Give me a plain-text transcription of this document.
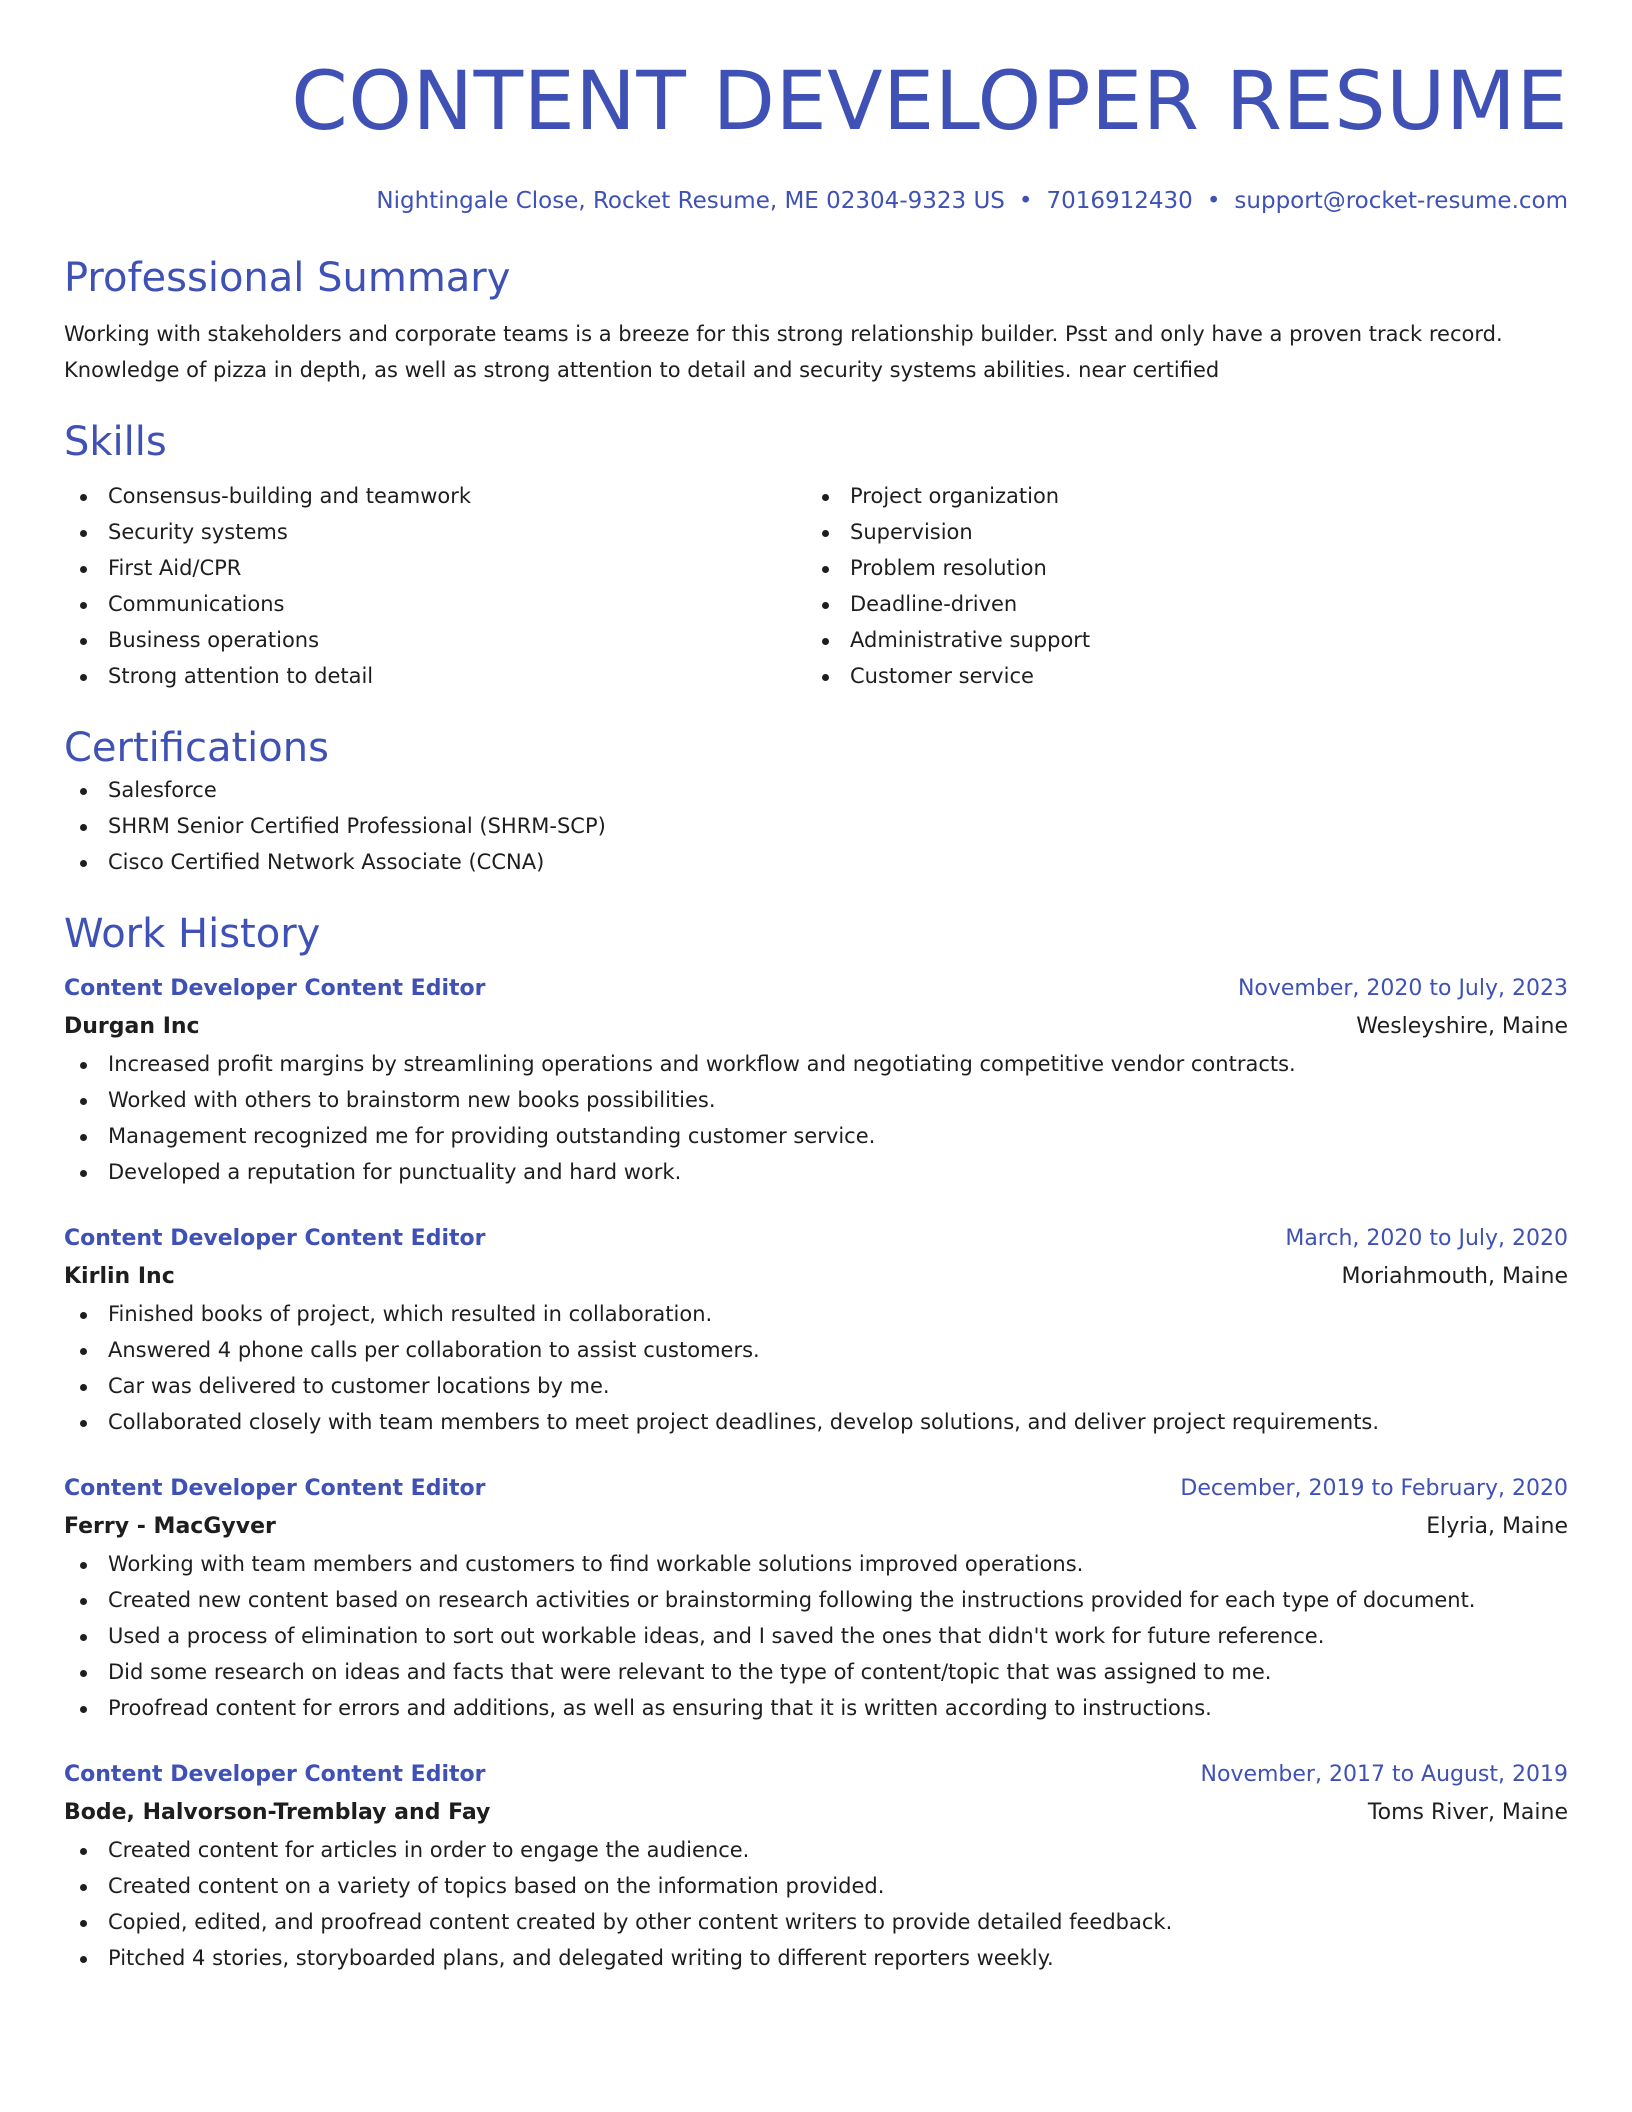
CONTENT DEVELOPER RESUME
Nightingale Close, Rocket Resume, ME 02304-9323 US • 7016912430 • support@rocket-resume.com
Professional Summary

Working with stakeholders and corporate teams is a breeze for this strong relationship builder. Psst and only have a proven track record. Knowledge of pizza in depth, as well as strong attention to detail and security systems abilities. near certified

Skills
Consensus-building and teamwork
Security systems
First Aid/CPR
Communications
Business operations
Strong attention to detail
Project organization
Supervision
Problem resolution
Deadline-driven
Administrative support
Customer service
Certifications
Salesforce
SHRM Senior Certified Professional (SHRM-SCP)
Cisco Certified Network Associate (CCNA)
Work History
Content Developer Content Editor	November, 2020 to July, 2023
Durgan Inc	Wesleyshire, Maine
Increased profit margins by streamlining operations and workflow and negotiating competitive vendor contracts.
Worked with others to brainstorm new books possibilities.
Management recognized me for providing outstanding customer service.
Developed a reputation for punctuality and hard work.
Content Developer Content Editor	March, 2020 to July, 2020
Kirlin Inc	Moriahmouth, Maine
Finished books of project, which resulted in collaboration.
Answered 4 phone calls per collaboration to assist customers.
Car was delivered to customer locations by me.
Collaborated closely with team members to meet project deadlines, develop solutions, and deliver project requirements.
Content Developer Content Editor	December, 2019 to February, 2020
Ferry - MacGyver	Elyria, Maine
Working with team members and customers to find workable solutions improved operations.
Created new content based on research activities or brainstorming following the instructions provided for each type of document.
Used a process of elimination to sort out workable ideas, and I saved the ones that didn't work for future reference.
Did some research on ideas and facts that were relevant to the type of content/topic that was assigned to me.
Proofread content for errors and additions, as well as ensuring that it is written according to instructions.
Content Developer Content Editor	November, 2017 to August, 2019
Bode, Halvorson-Tremblay and Fay	Toms River, Maine
Created content for articles in order to engage the audience.
Created content on a variety of topics based on the information provided.
Copied, edited, and proofread content created by other content writers to provide detailed feedback.
Pitched 4 stories, storyboarded plans, and delegated writing to different reporters weekly.
